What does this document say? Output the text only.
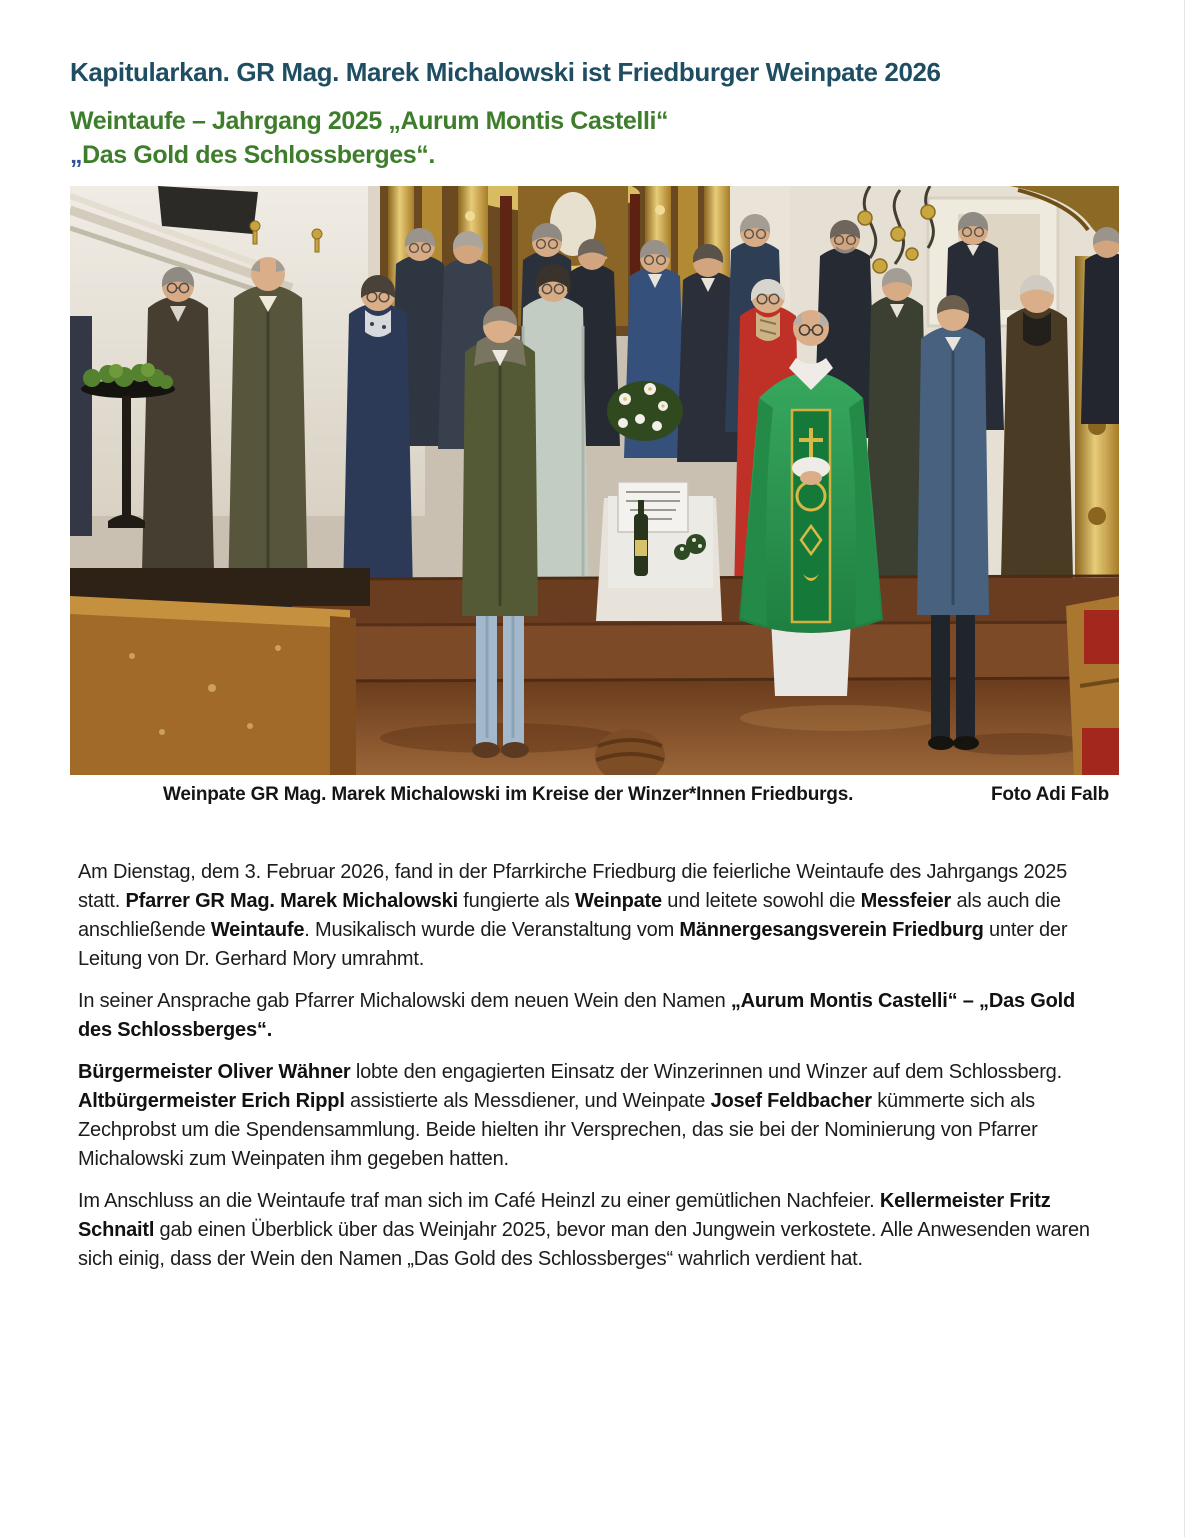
Kapitularkan. GR Mag. Marek Michalowski ist Friedburger Weinpate 2026
Weintaufe – Jahrgang 2025 „Aurum Montis Castelli“
„Das Gold des Schlossberges“.
Weinpate GR Mag. Marek Michalowski im Kreise der Winzer*Innen Friedburgs.	Foto Adi Falb

Am Dienstag, dem 3. Februar 2026, fand in der Pfarrkirche Friedburg die feierliche Weintaufe des Jahrgangs 2025 statt. Pfarrer GR Mag. Marek Michalowski fungierte als Weinpate und leitete sowohl die Messfeier als auch die anschließende Weintaufe. Musikalisch wurde die Veranstaltung vom Männergesangsverein Friedburg unter der Leitung von Dr. Gerhard Mory umrahmt.

In seiner Ansprache gab Pfarrer Michalowski dem neuen Wein den Namen „Aurum Montis Castelli“ – „Das Gold des Schlossberges“.

Bürgermeister Oliver Wähner lobte den engagierten Einsatz der Winzerinnen und Winzer auf dem Schlossberg. Altbürgermeister Erich Rippl assistierte als Messdiener, und Weinpate Josef Feldbacher kümmerte sich als Zechprobst um die Spendensammlung. Beide hielten ihr Versprechen, das sie bei der Nominierung von Pfarrer Michalowski zum Weinpaten ihm gegeben hatten.

Im Anschluss an die Weintaufe traf man sich im Café Heinzl zu einer gemütlichen Nachfeier. Kellermeister Fritz Schnaitl gab einen Überblick über das Weinjahr 2025, bevor man den Jungwein verkostete. Alle Anwesenden waren sich einig, dass der Wein den Namen „Das Gold des Schlossberges“ wahrlich verdient hat.
